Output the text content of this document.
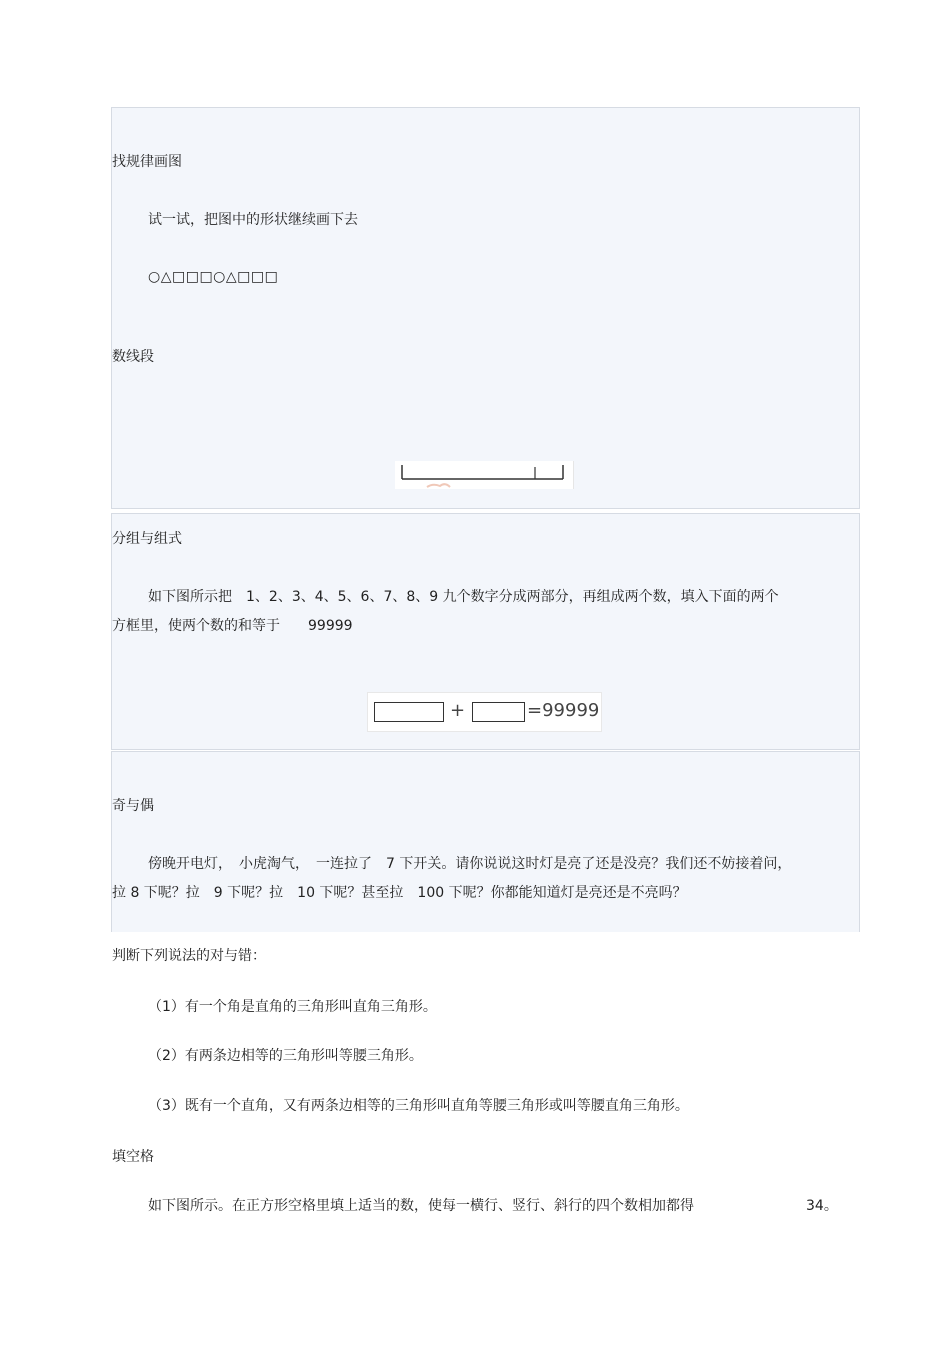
找规律画图
试一试，把图中的形状继续画下去
○△□□□○△□□□
数线段
分组与组式
如下图所示把　1、2、3、4、5、6、7、8、9 九个数字分成两部分，再组成两个数，填入下面的两个
方框里，使两个数的和等于　　99999
+	=99999
奇与偶
傍晚开电灯，　小虎淘气，　一连拉了　7 下开关。请你说说这时灯是亮了还是没亮？我们还不妨接着问，
拉 8 下呢？拉　9 下呢？拉　10 下呢？甚至拉　100 下呢？你都能知道灯是亮还是不亮吗？
判断下列说法的对与错：
（1）有一个角是直角的三角形叫直角三角形。
（2）有两条边相等的三角形叫等腰三角形。
（3）既有一个直角，又有两条边相等的三角形叫直角等腰三角形或叫等腰直角三角形。
填空格
如下图所示。在正方形空格里填上适当的数，使每一横行、竖行、斜行的四个数相加都得	34。
